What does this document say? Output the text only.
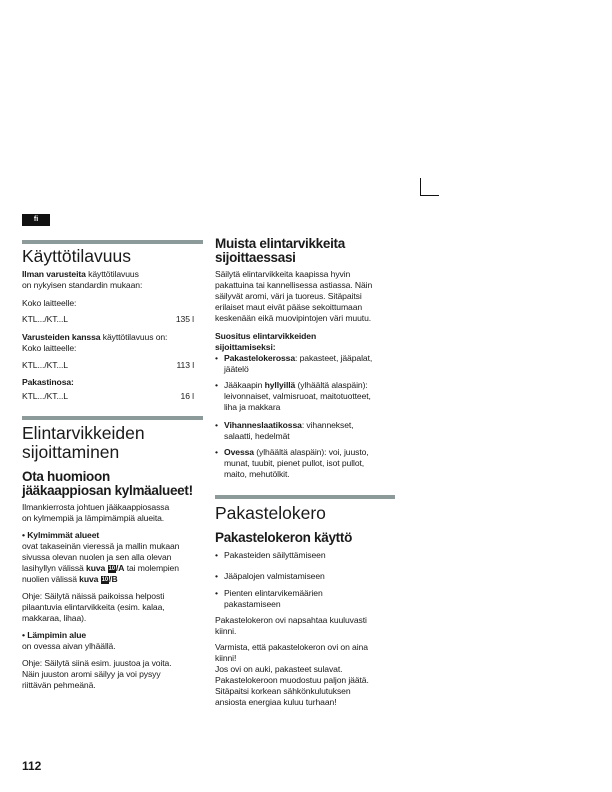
fi
Käyttötilavuus
Ilman varusteita käyttötilavuus
on nykyisen standardin mukaan:
Koko laitteelle:
KTL.../KT...L	135 l
Varusteiden kanssa käyttötilavuus on:
Koko laitteelle:
KTL.../KT...L	113 l
Pakastinosa:
KTL.../KT...L	16 l
Elintarvikkeiden
sijoittaminen
Ota huomioon
jääkaappiosan kylmäalueet!
Ilmankierrosta johtuen jääkaappiosassa
on kylmempiä ja lämpimämpiä alueita.
• Kylmimmät alueet
ovat takaseinän vieressä ja mallin mukaan
sivussa olevan nuolen ja sen alla olevan
lasihyllyn välissä kuva 10/A tai molempien
nuolien välissä kuva 10/B
Ohje: Säilytä näissä paikoissa helposti
pilaantuvia elintarvikkeita (esim. kalaa,
makkaraa, lihaa).
• Lämpimin alue
on ovessa aivan ylhäällä.
Ohje: Säilytä siinä esim. juustoa ja voita.
Näin juuston aromi säilyy ja voi pysyy
riittävän pehmeänä.
112
Muista elintarvikkeita
sijoittaessasi
Säilytä elintarvikkeita kaapissa hyvin
pakattuina tai kannellisessa astiassa. Näin
säilyvät aromi, väri ja tuoreus. Sitäpaitsi
erilaiset maut eivät pääse sekoittumaan
keskenään eikä muovipintojen väri muutu.
Suositus elintarvikkeiden
sijoittamiseksi:
• Pakastelokerossa: pakasteet, jääpalat,
jäätelö
• Jääkaapin hyllyillä (ylhäältä alaspäin):
leivonnaiset, valmisruoat, maitotuotteet,
liha ja makkara
• Vihanneslaatikossa: vihannekset,
salaatti, hedelmät
• Ovessa (ylhäältä alaspäin): voi, juusto,
munat, tuubit, pienet pullot, isot pullot,
maito, mehutölkit.
Pakastelokero
Pakastelokeron käyttö
• Pakasteiden säilyttämiseen
• Jääpalojen valmistamiseen
• Pienten elintarvikemäärien
pakastamiseen
Pakastelokeron ovi napsahtaa kuuluvasti
kiinni.
Varmista, että pakastelokeron ovi on aina
kiinni!
Jos ovi on auki, pakasteet sulavat.
Pakastelokeroon muodostuu paljon jäätä.
Sitäpaitsi korkean sähkönkulutuksen
ansiosta energiaa kuluu turhaan!
